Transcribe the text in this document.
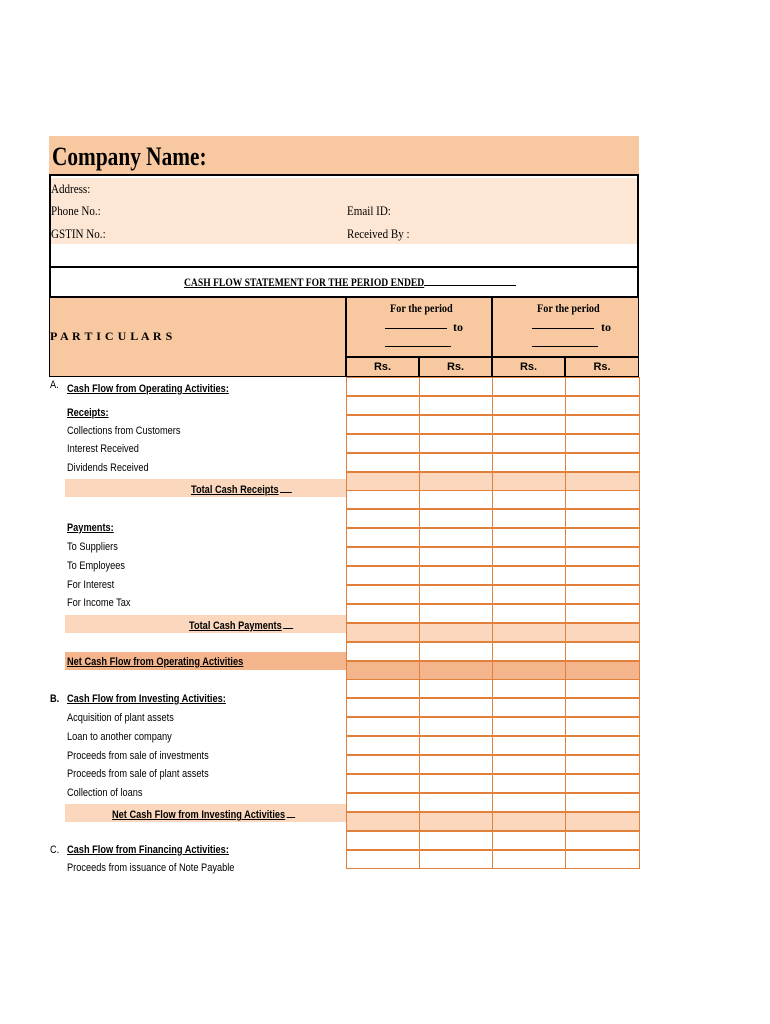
Company Name:
Address:
Phone No.:
GSTIN No.:
Email ID:
Received By :
CASH FLOW STATEMENT FOR THE PERIOD ENDED
P A R T I C U L A R S
For the period
to
For the period
to
Rs.	Rs.	Rs.	Rs.
A. Cash Flow from Operating Activities:
Receipts:
Collections from Customers
Interest Received
Dividends Received
Total Cash Receipts
Payments:
To Suppliers
To Employees
For Interest
For Income Tax
Total Cash Payments
Net Cash Flow from Operating Activities
B. Cash Flow from Investing Activities:
Acquisition of plant assets
Loan to another company
Proceeds from sale of investments
Proceeds from sale of plant assets
Collection of loans
Net Cash Flow from Investing Activities
C. Cash Flow from Financing Activities:
Proceeds from issuance of Note Payable
